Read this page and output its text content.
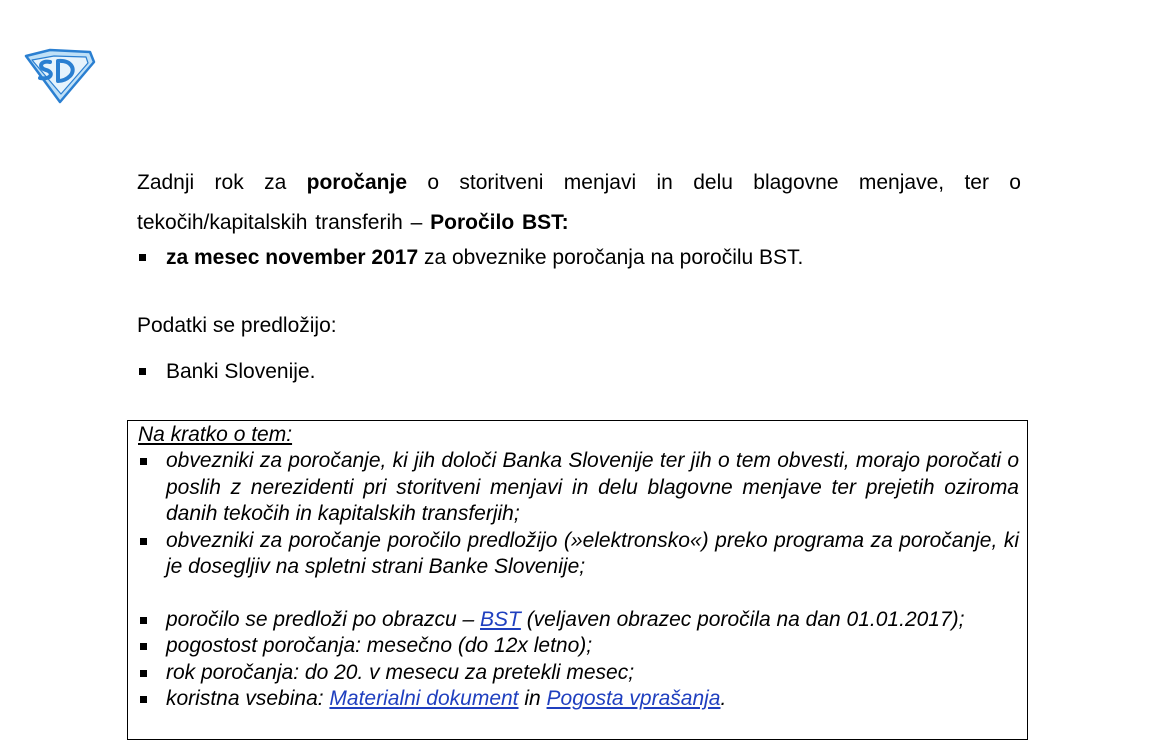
Zadnji rok za poročanje o storitveni menjavi in delu blagovne menjave, ter o tekočih/kapitalskih transferih – Poročilo BST:

za mesec november 2017 za obveznike poročanja na poročilu BST.

Podatki se predložijo:

Banki Slovenije.

Na kratko o tem:

obvezniki za poročanje, ki jih določi Banka Slovenije ter jih o tem obvesti, morajo poročati o poslih z nerezidenti pri storitveni menjavi in delu blagovne menjave ter prejetih oziroma danih tekočih in kapitalskih transferjih;

obvezniki za poročanje poročilo predložijo (»elektronsko«) preko programa za poročanje, ki je dosegljiv na spletni strani Banke Slovenije;

poročilo se predloži po obrazcu – BST (veljaven obrazec poročila na dan 01.01.2017);

pogostost poročanja: mesečno (do 12x letno);

rok poročanja: do 20. v mesecu za pretekli mesec;

koristna vsebina: Materialni dokument in Pogosta vprašanja.
